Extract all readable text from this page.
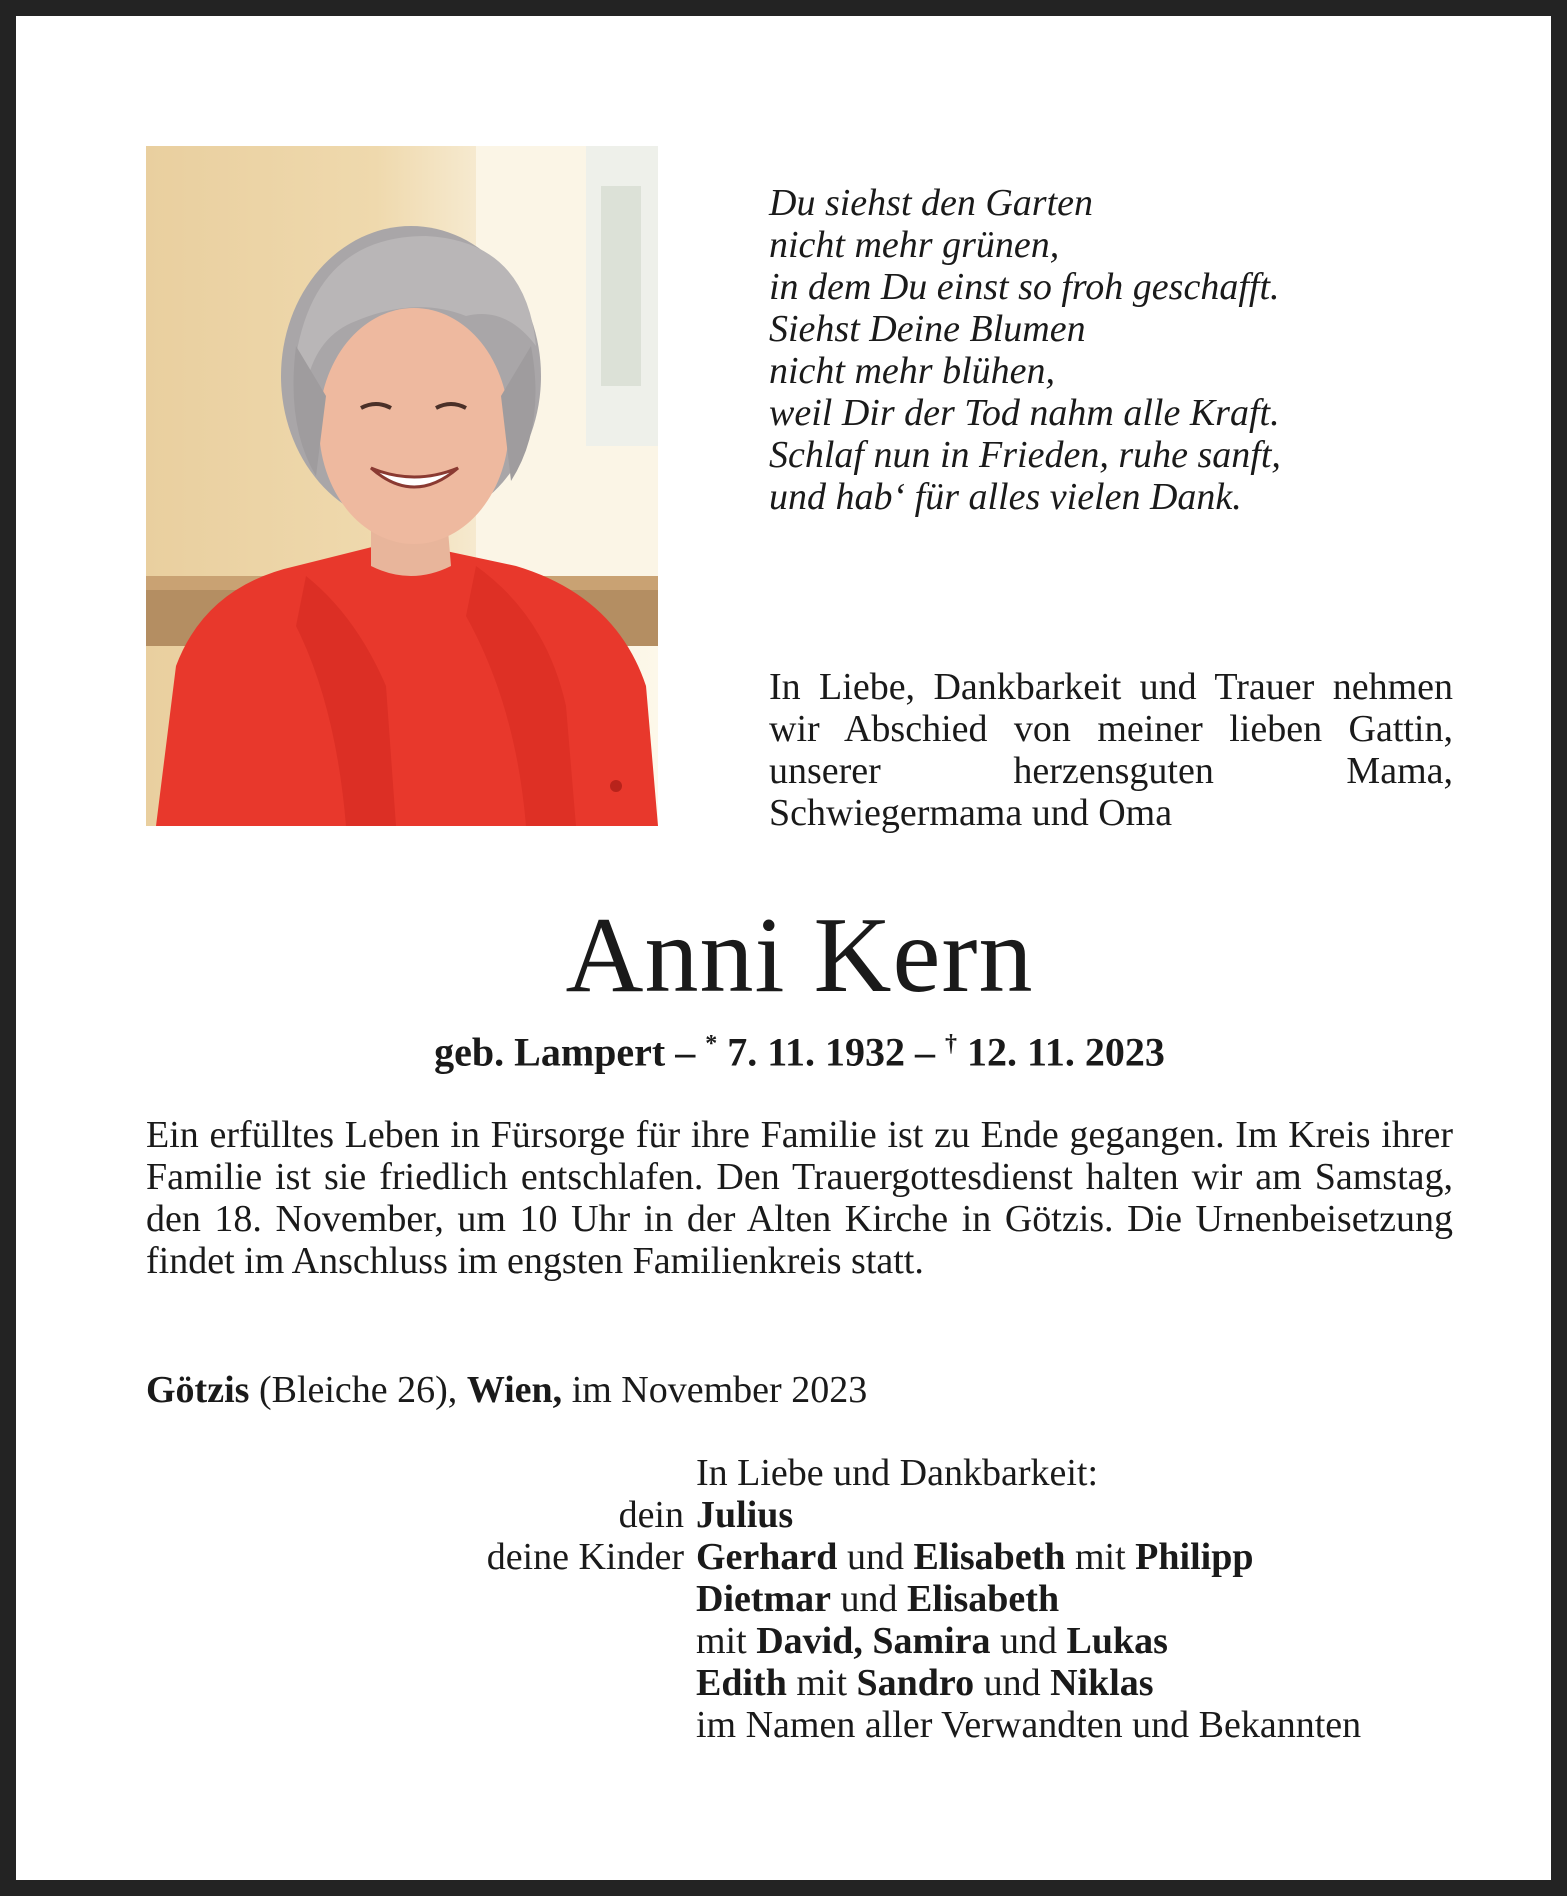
Du siehst den Garten
nicht mehr grünen,
in dem Du einst so froh geschafft.
Siehst Deine Blumen
nicht mehr blühen,
weil Dir der Tod nahm alle Kraft.
Schlaf nun in Frieden, ruhe sanft,
und hab‘ für alles vielen Dank.
In Liebe, Dankbarkeit und Trauer nehmen wir Abschied von meiner lieben Gattin, unserer herzensguten Mama, Schwiegermama und Oma
Anni Kern
geb. Lampert – * 7. 11. 1932 – † 12. 11. 2023
Ein erfülltes Leben in Fürsorge für ihre Familie ist zu Ende gegangen. Im Kreis ihrer Familie ist sie friedlich entschlafen. Den Trauergottesdienst halten wir am Samstag, den 18. November, um 10 Uhr in der Alten Kirche in Götzis. Die Urnenbeisetzung findet im Anschluss im engsten Familienkreis statt.
Götzis (Bleiche 26), Wien, im November 2023
In Liebe und Dankbarkeit:
dein Julius
deine Kinder Gerhard und Elisabeth mit Philipp
Dietmar und Elisabeth
mit David, Samira und Lukas
Edith mit Sandro und Niklas
im Namen aller Verwandten und Bekannten
